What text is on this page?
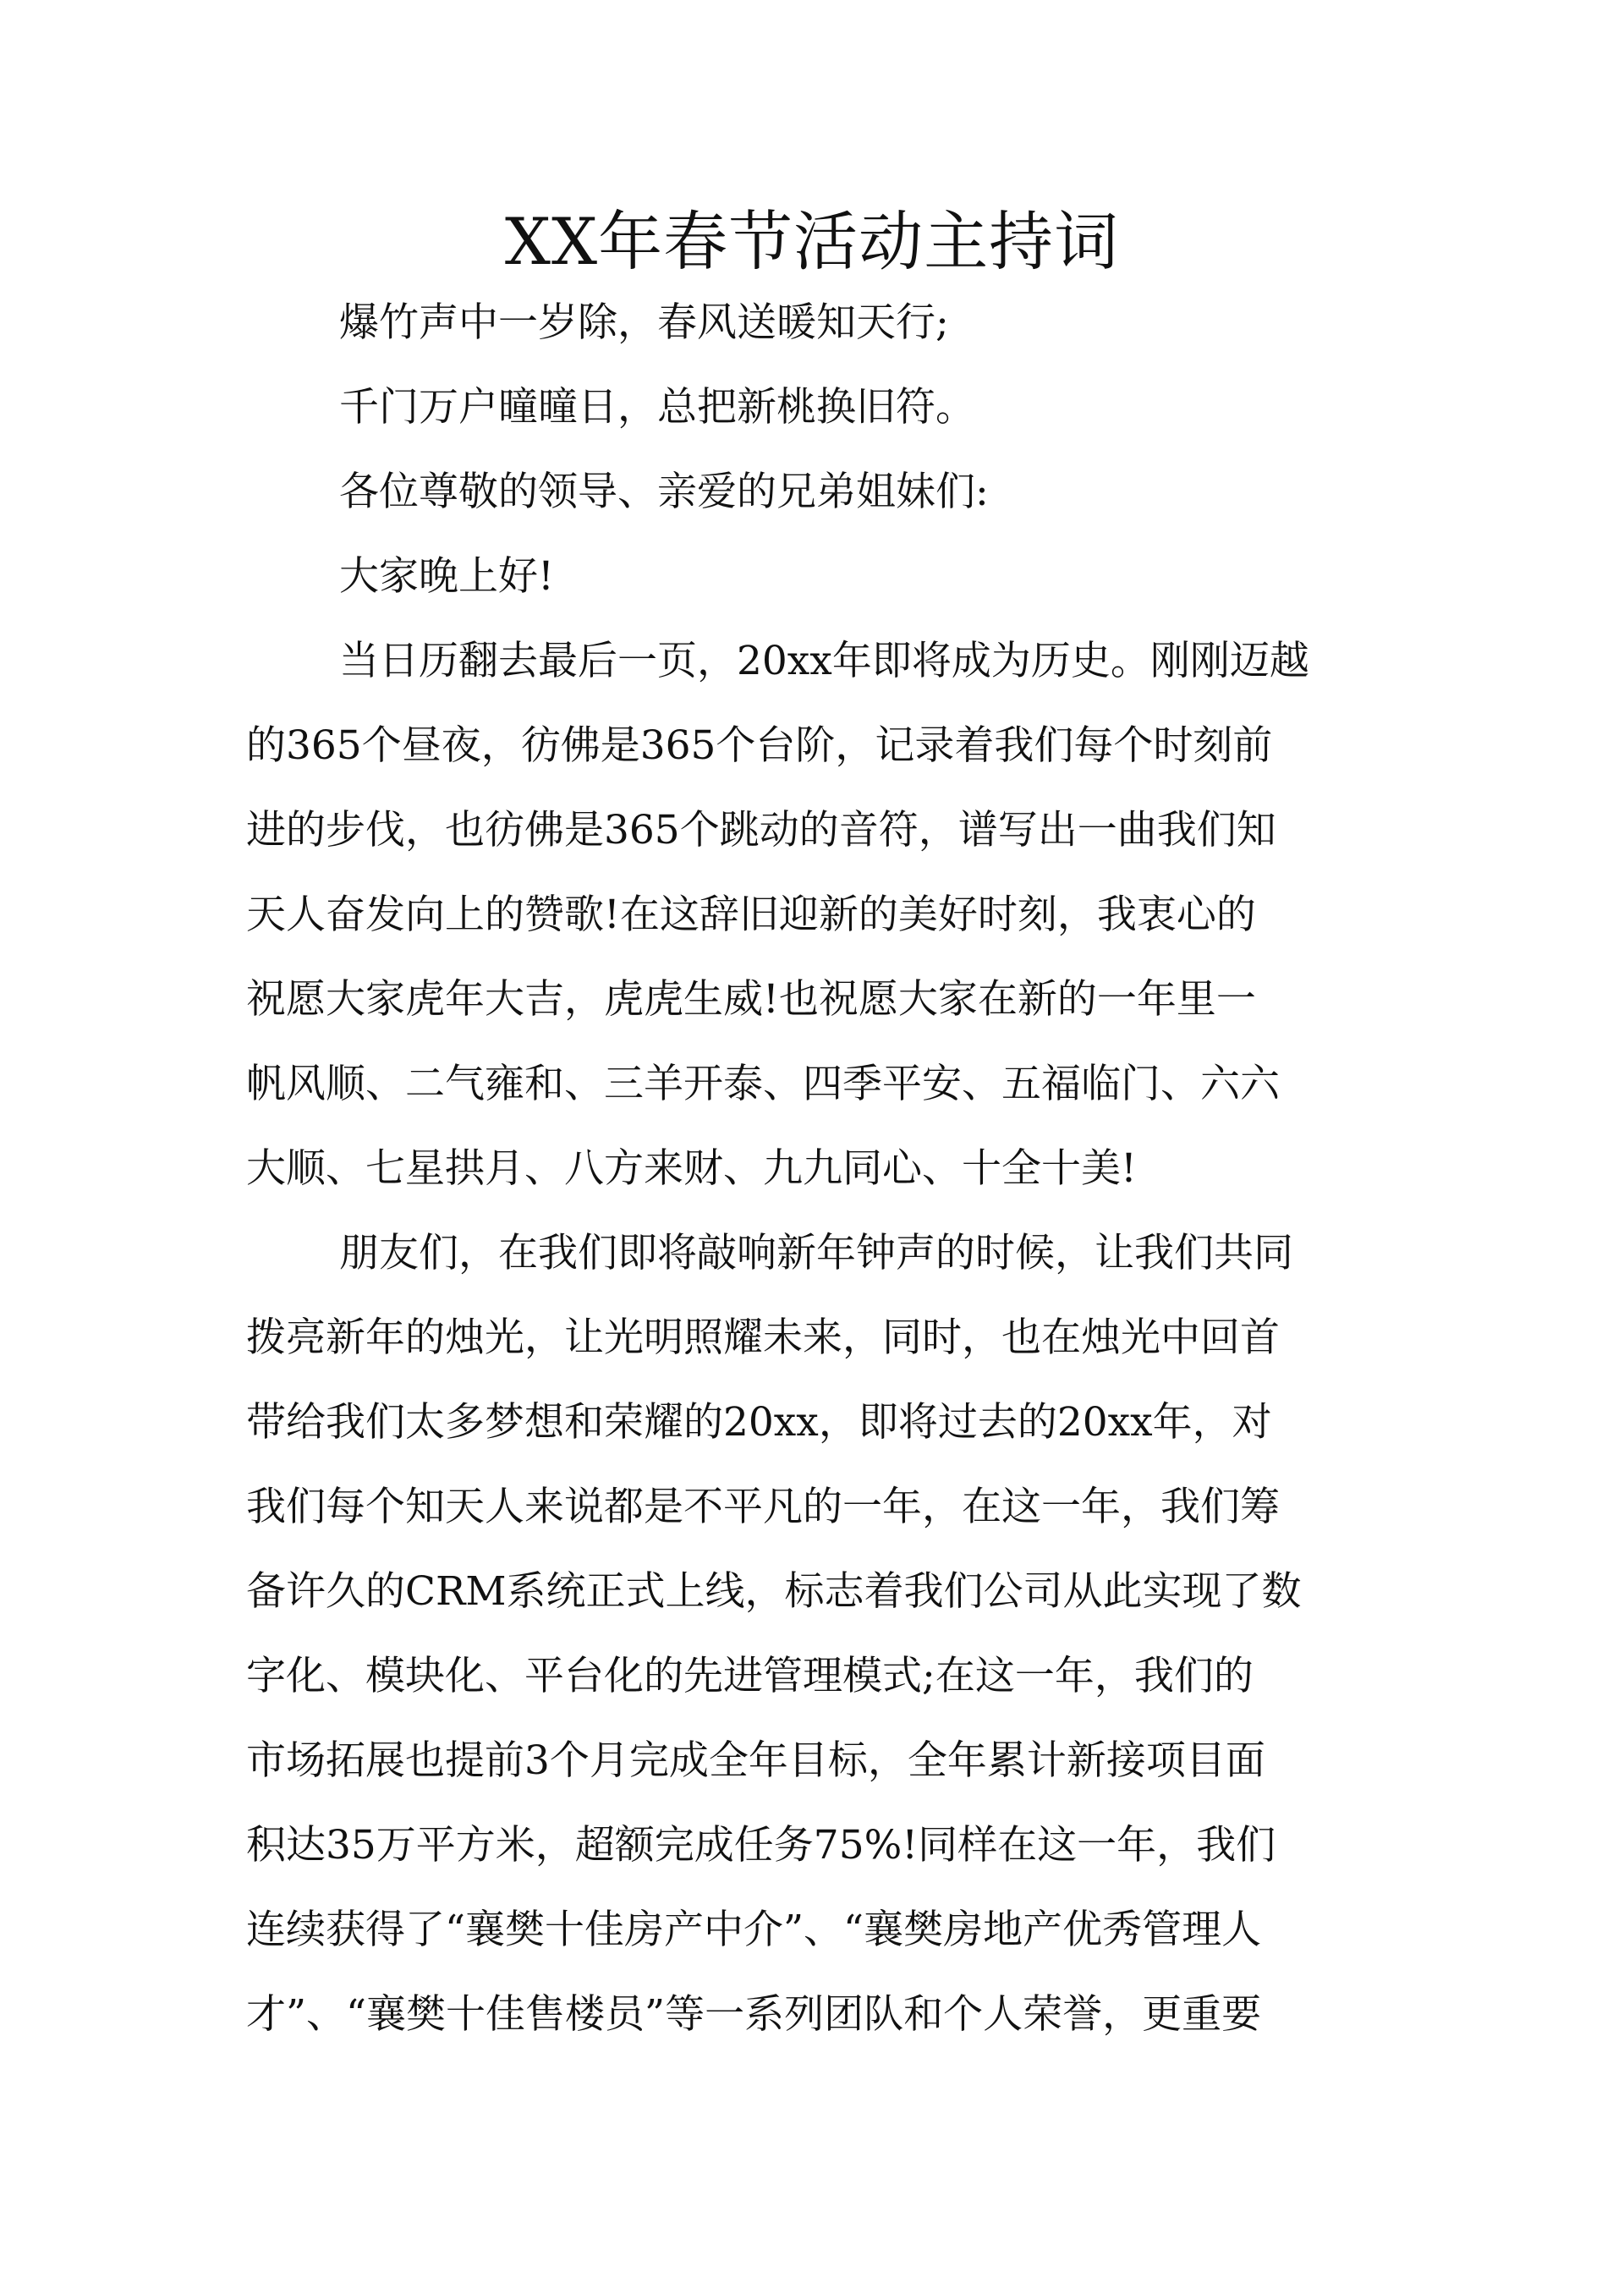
XX年春节活动主持词
爆竹声中一岁除，春风送暖知天行;
千门万户曈曈日，总把新桃换旧符。
各位尊敬的领导、亲爱的兄弟姐妹们:
大家晚上好!
当日历翻去最后一页，20xx年即将成为历史。刚刚迈越
的365个昼夜，彷佛是365个台阶，记录着我们每个时刻前
进的步伐，也彷佛是365个跳动的音符，谱写出一曲我们知
天人奋发向上的赞歌!在这辞旧迎新的美好时刻，我衷心的
祝愿大家虎年大吉，虎虎生威!也祝愿大家在新的一年里一
帆风顺、二气雍和、三羊开泰、四季平安、五福临门、六六
大顺、七星拱月、八方来财、九九同心、十全十美!
朋友们，在我们即将敲响新年钟声的时候，让我们共同
拨亮新年的烛光，让光明照耀未来，同时，也在烛光中回首
带给我们太多梦想和荣耀的20xx，即将过去的20xx年，对
我们每个知天人来说都是不平凡的一年，在这一年，我们筹
备许久的CRM系统正式上线，标志着我们公司从此实现了数
字化、模块化、平台化的先进管理模式;在这一年，我们的
市场拓展也提前3个月完成全年目标，全年累计新接项目面
积达35万平方米，超额完成任务75%!同样在这一年，我们
连续获得了“襄樊十佳房产中介”、“襄樊房地产优秀管理人
才”、“襄樊十佳售楼员”等一系列团队和个人荣誉，更重要
